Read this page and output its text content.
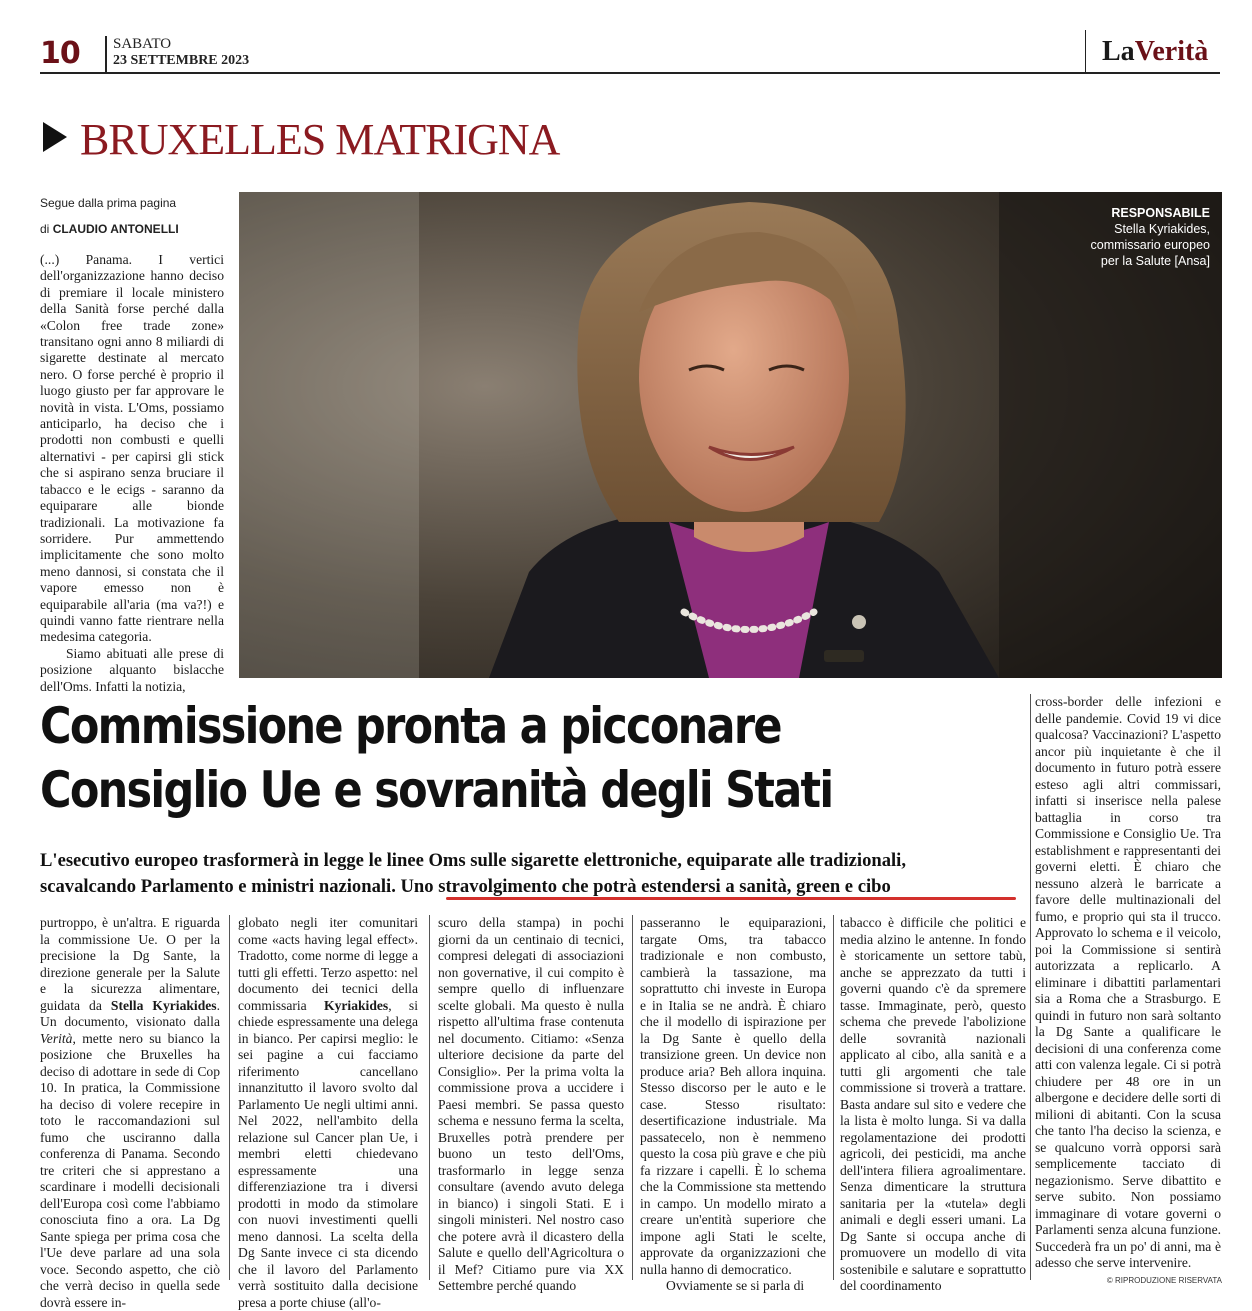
10 SABATO
23 SETTEMBRE 2023	LaVerità
BRUXELLES MATRIGNA
Segue dalla prima pagina
di CLAUDIO ANTONELLI

(...) Panama. I vertici dell'organizzazione hanno deciso di premiare il locale ministero della Sanità forse perché dalla «Colon free trade zone» transitano ogni anno 8 miliardi di sigarette destinate al mercato nero. O forse perché è proprio il luogo giusto per far approvare le novità in vista. L'Oms, possiamo anticiparlo, ha deciso che i prodotti non combusti e quelli alternativi - per capirsi gli stick che si aspirano senza bruciare il tabacco e le ecigs - saranno da equiparare alle bionde tradizionali. La motivazione fa sorridere. Pur ammettendo implicitamente che sono molto meno dannosi, si constata che il vapore emesso non è equiparabile all'aria (ma va?!) e quindi vanno fatte rientrare nella medesima categoria.

Siamo abituati alle prese di posizione alquanto bislacche dell'Oms. Infatti la notizia,

RESPONSABILE
Stella Kyriakides,
commissario europeo
per la Salute [Ansa]
Commissione pronta a picconare
Consiglio Ue e sovranità degli Stati
L'esecutivo europeo trasformerà in legge le linee Oms sulle sigarette elettroniche, equiparate alle tradizionali,
scavalcando Parlamento e ministri nazionali. Uno stravolgimento che potrà estendersi a sanità, green e cibo

cross-border delle infezioni e delle pandemie. Covid 19 vi dice qualcosa? Vaccinazioni? L'aspetto ancor più inquietante è che il documento in futuro potrà essere esteso agli altri commissari, infatti si inserisce nella palese battaglia in corso tra Commissione e Consiglio Ue. Tra establishment e rappresentanti dei governi eletti. È chiaro che nessuno alzerà le barricate a favore delle multinazionali del fumo, e proprio qui sta il trucco. Approvato lo schema e il veicolo, poi la Commissione si sentirà autorizzata a replicarlo. A eliminare i dibattiti parlamentari sia a Roma che a Strasburgo. E quindi in futuro non sarà soltanto la Dg Sante a qualificare le decisioni di una conferenza come atti con valenza legale. Ci si potrà chiudere per 48 ore in un albergone e decidere delle sorti di milioni di abitanti. Con la scusa che tanto l'ha deciso la scienza, e se qualcuno vorrà opporsi sarà semplicemente tacciato di negazionismo. Serve dibattito e serve subito. Non possiamo immaginare di votare governi o Parlamenti senza alcuna funzione. Succederà fra un po' di anni, ma è adesso che serve intervenire.

purtroppo, è un'altra. E riguarda la commissione Ue. O per la precisione la Dg Sante, la direzione generale per la Salute e la sicurezza alimentare, guidata da Stella Kyriakides. Un documento, visionato dalla Verità, mette nero su bianco la posizione che Bruxelles ha deciso di adottare in sede di Cop 10. In pratica, la Commissione ha deciso di volere recepire in toto le raccomandazioni sul fumo che usciranno dalla conferenza di Panama. Secondo tre criteri che si apprestano a scardinare i modelli decisionali dell'Europa così come l'abbiamo conosciuta fino a ora. La Dg Sante spiega per prima cosa che l'Ue deve parlare ad una sola voce. Secondo aspetto, che ciò che verrà deciso in quella sede dovrà essere in-

globato negli iter comunitari come «acts having legal effect». Tradotto, come norme di legge a tutti gli effetti. Terzo aspetto: nel documento dei tecnici della commissaria Kyriakides, si chiede espressamente una delega in bianco. Per capirsi meglio: le sei pagine a cui facciamo riferimento cancellano innanzitutto il lavoro svolto dal Parlamento Ue negli ultimi anni. Nel 2022, nell'ambito della relazione sul Cancer plan Ue, i membri eletti chiedevano espressamente una differenziazione tra i diversi prodotti in modo da stimolare con nuovi investimenti quelli meno dannosi. La scelta della Dg Sante invece ci sta dicendo che il lavoro del Parlamento verrà sostituito dalla decisione presa a porte chiuse (all'o-

scuro della stampa) in pochi giorni da un centinaio di tecnici, compresi delegati di associazioni non governative, il cui compito è sempre quello di influenzare scelte globali. Ma questo è nulla rispetto all'ultima frase contenuta nel documento. Citiamo: «Senza ulteriore decisione da parte del Consiglio». Per la prima volta la commissione prova a uccidere i Paesi membri. Se passa questo schema e nessuno ferma la scelta, Bruxelles potrà prendere per buono un testo dell'Oms, trasformarlo in legge senza consultare (avendo avuto delega in bianco) i singoli Stati. E i singoli ministeri. Nel nostro caso che potere avrà il dicastero della Salute e quello dell'Agricoltura o il Mef? Citiamo pure via XX Settembre perché quando

passeranno le equiparazioni, targate Oms, tra tabacco tradizionale e non combusto, cambierà la tassazione, ma soprattutto chi investe in Europa e in Italia se ne andrà. È chiaro che il modello di ispirazione per la Dg Sante è quello della transizione green. Un device non produce aria? Beh allora inquina. Stesso discorso per le auto e le case. Stesso risultato: desertificazione industriale. Ma passatecelo, non è nemmeno questo la cosa più grave e che più fa rizzare i capelli. È lo schema che la Commissione sta mettendo in campo. Un modello mirato a creare un'entità superiore che impone agli Stati le scelte, approvate da organizzazioni che nulla hanno di democratico.

Ovviamente se si parla di

tabacco è difficile che politici e media alzino le antenne. In fondo è storicamente un settore tabù, anche se apprezzato da tutti i governi quando c'è da spremere tasse. Immaginate, però, questo schema che prevede l'abolizione delle sovranità nazionali applicato al cibo, alla sanità e a tutti gli argomenti che tale commissione si troverà a trattare. Basta andare sul sito e vedere che la lista è molto lunga. Si va dalla regolamentazione dei prodotti agricoli, dei pesticidi, ma anche dell'intera filiera agroalimentare. Senza dimenticare la struttura sanitaria per la «tutela» degli animali e degli esseri umani. La Dg Sante si occupa anche di promuovere un modello di vita sostenibile e salutare e soprattutto del coordinamento	© RIPRODUZIONE RISERVATA
